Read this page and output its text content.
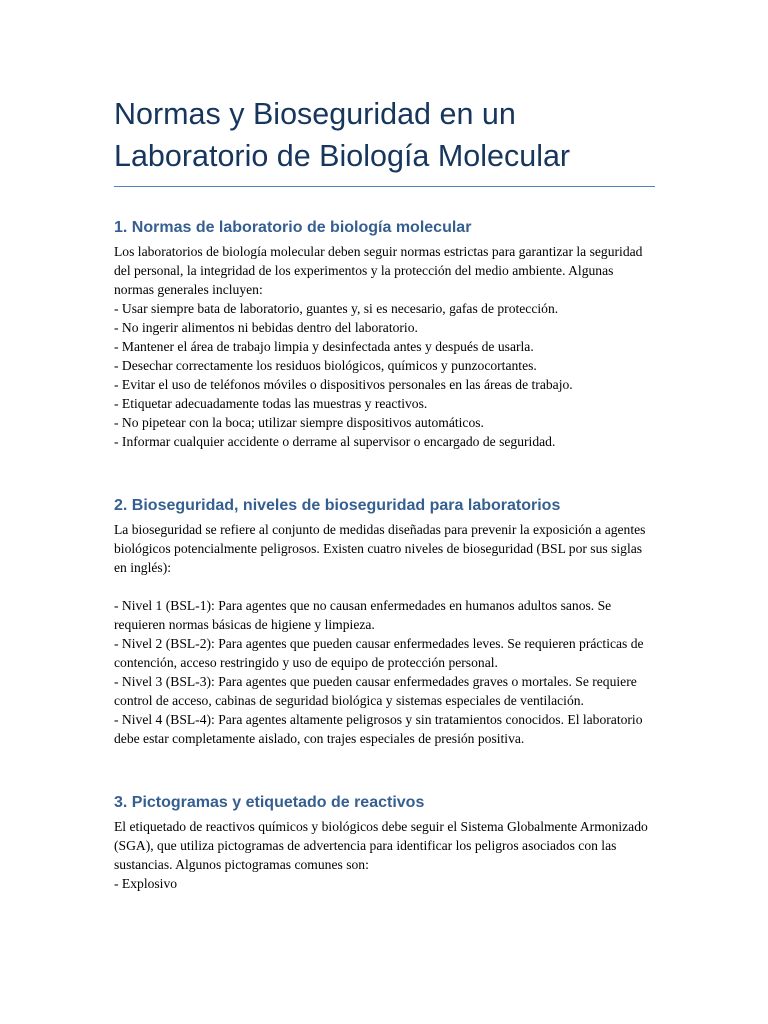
Normas y Bioseguridad en un
Laboratorio de Biología Molecular
1. Normas de laboratorio de biología molecular

Los laboratorios de biología molecular deben seguir normas estrictas para garantizar la seguridad del personal, la integridad de los experimentos y la protección del medio ambiente. Algunas normas generales incluyen:

- Usar siempre bata de laboratorio, guantes y, si es necesario, gafas de protección.

- No ingerir alimentos ni bebidas dentro del laboratorio.

- Mantener el área de trabajo limpia y desinfectada antes y después de usarla.

- Desechar correctamente los residuos biológicos, químicos y punzocortantes.

- Evitar el uso de teléfonos móviles o dispositivos personales en las áreas de trabajo.

- Etiquetar adecuadamente todas las muestras y reactivos.

- No pipetear con la boca; utilizar siempre dispositivos automáticos.

- Informar cualquier accidente o derrame al supervisor o encargado de seguridad.

2. Bioseguridad, niveles de bioseguridad para laboratorios

La bioseguridad se refiere al conjunto de medidas diseñadas para prevenir la exposición a agentes biológicos potencialmente peligrosos. Existen cuatro niveles de bioseguridad (BSL por sus siglas en inglés):

- Nivel 1 (BSL-1): Para agentes que no causan enfermedades en humanos adultos sanos. Se requieren normas básicas de higiene y limpieza.

- Nivel 2 (BSL-2): Para agentes que pueden causar enfermedades leves. Se requieren prácticas de contención, acceso restringido y uso de equipo de protección personal.

- Nivel 3 (BSL-3): Para agentes que pueden causar enfermedades graves o mortales. Se requiere control de acceso, cabinas de seguridad biológica y sistemas especiales de ventilación.

- Nivel 4 (BSL-4): Para agentes altamente peligrosos y sin tratamientos conocidos. El laboratorio debe estar completamente aislado, con trajes especiales de presión positiva.

3. Pictogramas y etiquetado de reactivos

El etiquetado de reactivos químicos y biológicos debe seguir el Sistema Globalmente Armonizado (SGA), que utiliza pictogramas de advertencia para identificar los peligros asociados con las sustancias. Algunos pictogramas comunes son:

- Explosivo
